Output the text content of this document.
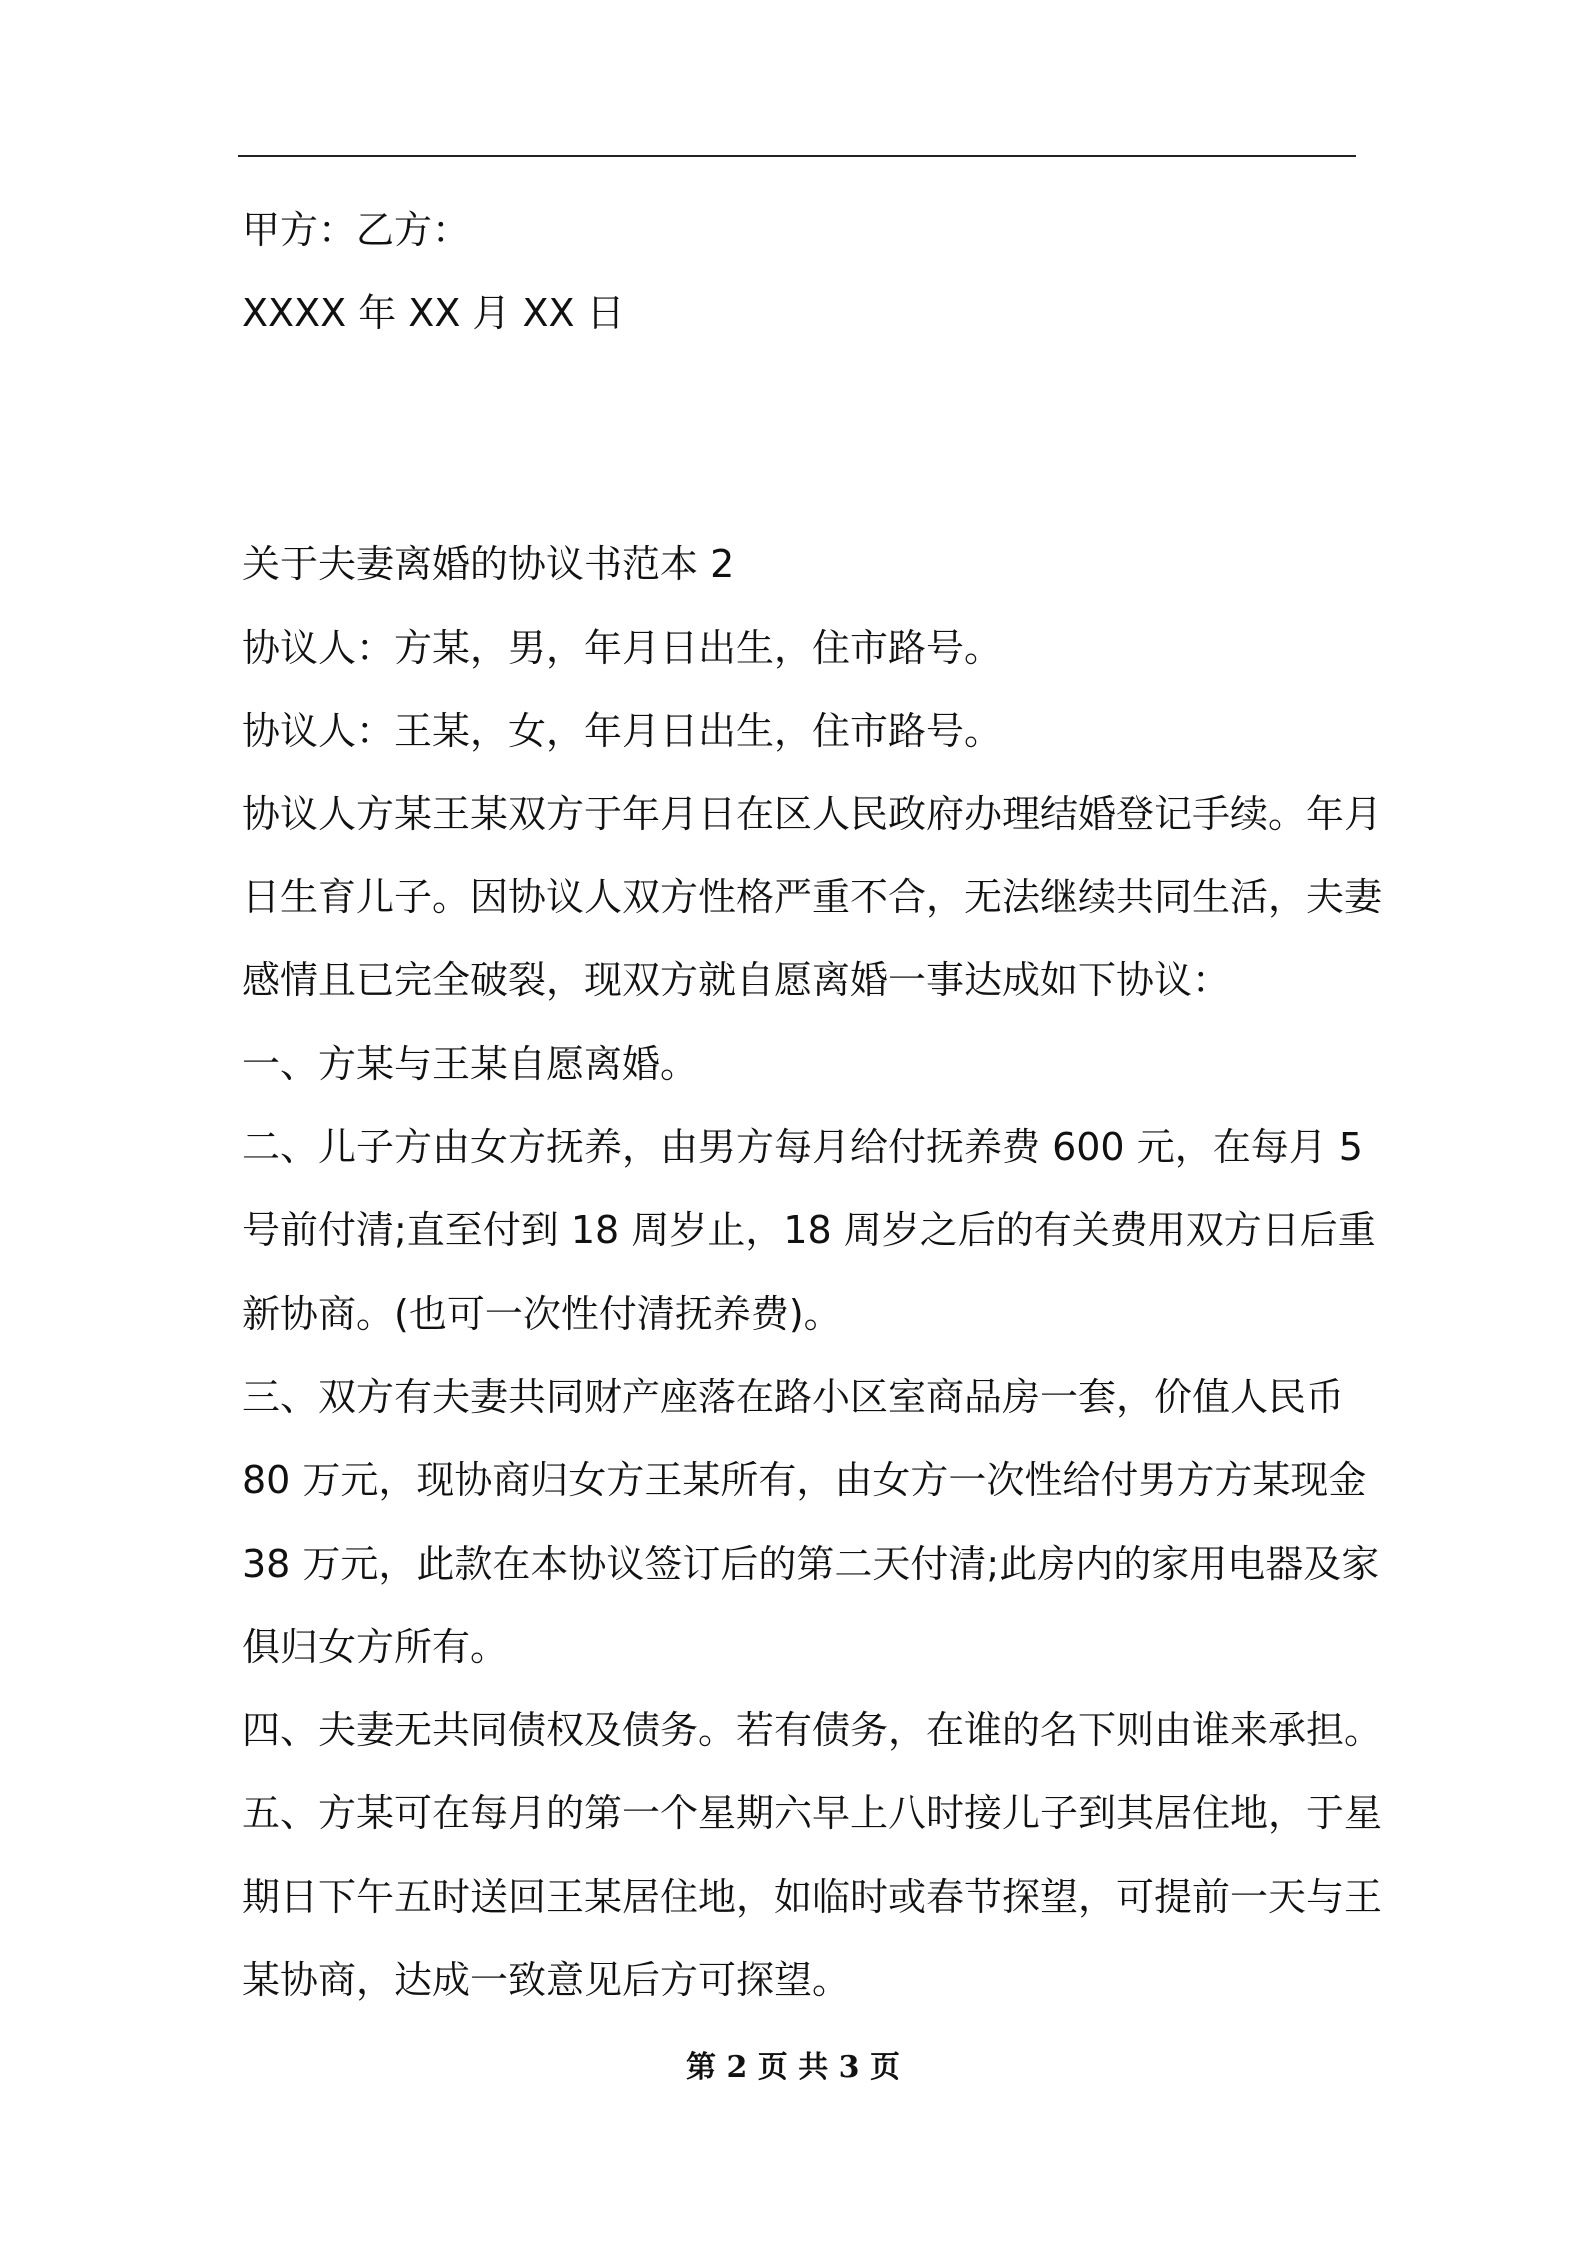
甲方：乙方：
XXXX 年 XX 月 XX 日
关于夫妻离婚的协议书范本 2
协议人：方某，男，年月日出生，住市路号。
协议人：王某，女，年月日出生，住市路号。
协议人方某王某双方于年月日在区人民政府办理结婚登记手续。年月
日生育儿子。因协议人双方性格严重不合，无法继续共同生活，夫妻
感情且已完全破裂，现双方就自愿离婚一事达成如下协议：
一、方某与王某自愿离婚。
二、儿子方由女方抚养，由男方每月给付抚养费 600 元，在每月 5
号前付清;直至付到 18 周岁止，18 周岁之后的有关费用双方日后重
新协商。(也可一次性付清抚养费)。
三、双方有夫妻共同财产座落在路小区室商品房一套，价值人民币
80 万元，现协商归女方王某所有，由女方一次性给付男方方某现金
38 万元，此款在本协议签订后的第二天付清;此房内的家用电器及家
俱归女方所有。
四、夫妻无共同债权及债务。若有债务，在谁的名下则由谁来承担。
五、方某可在每月的第一个星期六早上八时接儿子到其居住地，于星
期日下午五时送回王某居住地，如临时或春节探望，可提前一天与王
某协商，达成一致意见后方可探望。
第 2 页 共 3 页
